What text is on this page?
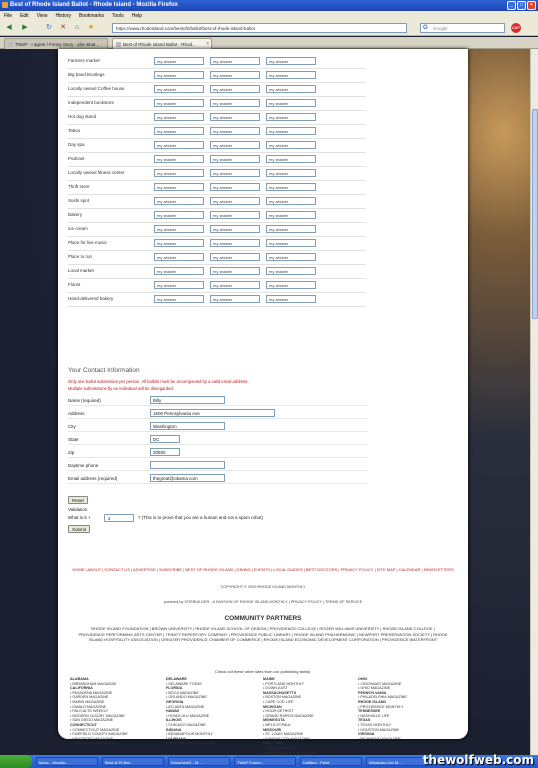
Best of Rhode Island Ballot - Rhode Island - Mozilla Firefox	_	□	×
File Edit View History Bookmarks Tools Help
◀	▶	↻ ✕	⌂	★	https://www.rhodeisland.com/bestofri/ballot/best-of-rhode-island-ballot	G Google	ABP
TWoP - I agree / Funny Story - plot what...	Best of Rhode Island Ballot - Rhod... ×
Farmers market	my answer	my answer	my answer
Big band Bootlegs	my answer	my answer	my answer
Locally owned Coffee house	my answer	my answer	my answer
Independent bookstore	my answer	my answer	my answer
Hot dog stand	my answer	my answer	my answer
Tattoo	my answer	my answer	my answer
Day spa	my answer	my answer	my answer
Podcast	my answer	my answer	my answer
Locally owned fitness center	my answer	my answer	my answer
Thrift store	my answer	my answer	my answer
Sushi spot	my answer	my answer	my answer
Bakery	my answer	my answer	my answer
Ice cream	my answer	my answer	my answer
Place for live music	my answer	my answer	my answer
Place to run	my answer	my answer	my answer
Local market	my answer	my answer	my answer
Florist	my answer	my answer	my answer
Hand-delivered bakery	my answer	my answer	my answer
Your Contact Information
Only one ballot submission per person. All ballots must be accompanied by a valid email address.
Multiple submissions by an individual will be disregarded.
Name (required)	Billy
Address	1600 Pennsylvania Ave
City	Washington
State	DC
Zip	20500
Daytime phone
Email address (required)	thegreat@obama.com
Reset
Validation
What is 5 +	2	? (This is to prove that you are a human and not a spam robot)
Submit
HOME | ABOUT | CONTACT US | ADVERTISE | SUBSCRIBE | BEST OF RHODE ISLAND | DINING | EVENTS | LOCAL GUIDES | BEST DOCTORS | PRIVACY POLICY | SITE MAP | CALENDAR | NEWSLETTERS
COPYRIGHT © 2009 RHODE ISLAND MONTHLY
powered by SITEBUILDER - A DIVISION OF RHODE ISLAND MONTHLY | PRIVACY POLICY | TERMS OF SERVICE
COMMUNITY PARTNERS
RHODE ISLAND FOUNDATION | BROWN UNIVERSITY | RHODE ISLAND SCHOOL OF DESIGN | PROVIDENCE COLLEGE | ROGER WILLIAMS UNIVERSITY | RHODE ISLAND COLLEGE | PROVIDENCE PERFORMING ARTS CENTER | TRINITY REPERTORY COMPANY | PROVIDENCE PUBLIC LIBRARY | RHODE ISLAND PHILHARMONIC | NEWPORT PRESERVATION SOCIETY | RHODE ISLAND HOSPITALITY ASSOCIATION | GREATER PROVIDENCE CHAMBER OF COMMERCE | RHODE ISLAND ECONOMIC DEVELOPMENT CORPORATION | PROVIDENCE WATERFRONT
Check out these other sites from our publishing family:
ALABAMA
• BIRMINGHAM MAGAZINE
CALIFORNIA
• PASADENA MAGAZINE
• GARDEN MAGAZINE
• MARIN MAGAZINE
• DIABLO MAGAZINE
• PALO ALTO WEEKLY
• MODERN LUXURY MAGAZINE
• SAN DIEGO MAGAZINE
CONNECTICUT
• CONNECTICUT MAGAZINE
• FAIRFIELD COUNTY MAGAZINE
• WESTPORT MAGAZINE
• GREENWICH MAGAZINE
DELAWARE
• DELAWARE TODAY
FLORIDA
• BOCA MAGAZINE
• ORLANDO MAGAZINE
GEORGIA
• ATLANTA MAGAZINE
HAWAII
• HONOLULU MAGAZINE
ILLINOIS
• CHICAGO MAGAZINE
INDIANA
• INDIANAPOLIS MONTHLY
LOUISIANA
• NEW ORLEANS MAGAZINE
MAINE
• PORTLAND MONTHLY
• DOWN EAST
MASSACHUSETTS
• BOSTON MAGAZINE
• CAPE COD LIFE
MICHIGAN
• HOUR DETROIT
• GRAND RAPIDS MAGAZINE
MINNESOTA
• MPLS.ST.PAUL
MISSOURI
• ST. LOUIS MAGAZINE
• KANSAS CITY MAGAZINE
NEW YORK
• BUFFALO SPREE
• HUDSON VALLEY MAGAZINE
•
OHIO
• CINCINNATI MAGAZINE
• OHIO MAGAZINE
PENNSYLVANIA
• PHILADELPHIA MAGAZINE
RHODE ISLAND
• PROVIDENCE MONTHLY
TENNESSEE
• NASHVILLE LIFE
TEXAS
• TEXAS MONTHLY
• HOUSTON MAGAZINE
VIRGINIA
• RICHMOND MAGAZINE
Inbox - Mozilla...	Best of RI Bal...	Document1 - M...	TWoP Forum...	Untitled - Paint	Windows Live M...	thewolfweb.com
